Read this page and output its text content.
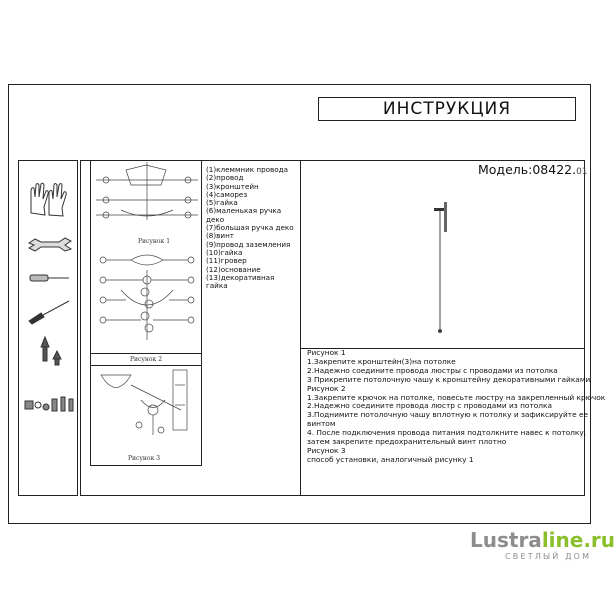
ИНСТРУКЦИЯ
Рисунок 1
Рисунок 2
Рисунок 3
(1)клеммник провода
(2)провод
(3)кронштейн
(4)саморез
(5)гайка
(6)маленькая ручка
деко
(7)большая ручка деко
(8)винт
(9)провод заземления
(10)гайка
(11)гровер
(12)основание
(13)декоративная
гайка
Модель:08422.01
Рисунок 1
1.Закрепите кронштейн(3)на потолке
2.Надежно соедините провода люстры с проводами из потолка
3 Прикрепите потолочную чашу к кронштейну декоративными гайками
Рисунок 2
1.Закрепите крючок на потолке, повесьте люстру на закрепленный крючок
2.Надежно соедините провода люстр с проводами из потолка
3.Поднимите потолочную чашу вплотную к потолку и зафиксируйте ее
винтом
4. После подключения провода питания подтолкните навес к потолку,
затем закрепите предохранительный винт плотно
Рисунок 3
способ установки, аналогичный рисунку 1
Lustraline.ru
СВЕТЛЫЙ ДОМ
